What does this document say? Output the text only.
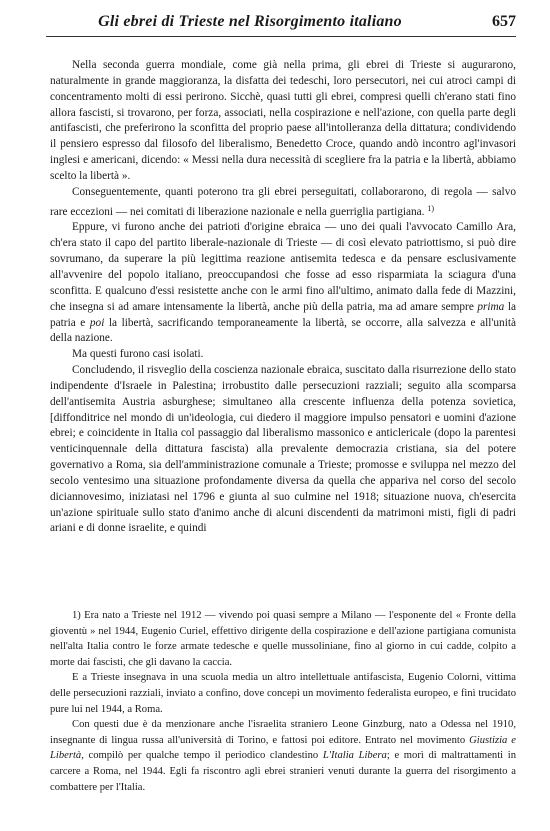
Gli ebrei di Trieste nel Risorgimento italiano	657

Nella seconda guerra mondiale, come già nella prima, gli ebrei di Trieste si augurarono, naturalmente in grande maggioranza, la disfatta dei tedeschi, loro persecutori, nei cui atroci campi di concentramento molti di essi perirono. Sicchè, quasi tutti gli ebrei, compresi quelli ch'erano stati fino allora fascisti, si trovarono, per forza, associati, nella cospirazione e nell'azione, con quella parte degli antifascisti, che preferirono la sconfitta del proprio paese all'intolleranza della dittatura; condividendo il pensiero espresso dal filosofo del liberalismo, Benedetto Croce, quando andò incontro agl'invasori inglesi e americani, dicendo: « Messi nella dura necessità di scegliere fra la patria e la libertà, abbiamo scelto la libertà ».

Conseguentemente, quanti poterono tra gli ebrei perseguitati, collaborarono, di regola — salvo rare eccezioni — nei comitati di liberazione nazionale e nella guerriglia partigiana. $^{1)}$

Eppure, vi furono anche dei patrioti d'origine ebraica — uno dei quali l'avvocato Camillo Ara, ch'era stato il capo del partito liberale-nazionale di Trieste — di così elevato patriottismo, si può dire sovrumano, da superare la più legittima reazione antisemita tedesca e da pensare esclusivamente all'avvenire del popolo italiano, preoccupandosi che fosse ad esso risparmiata la sciagura d'una sconfitta. E qualcuno d'essi resistette anche con le armi fino all'ultimo, animato dalla fede di Mazzini, che insegna si ad amare intensamente la libertà, anche più della patria, ma ad amare sempre prima la patria e poi la libertà, sacrificando temporaneamente la libertà, se occorre, alla salvezza e all'unità della nazione.

Ma questi furono casi isolati.

Concludendo, il risveglio della coscienza nazionale ebraica, suscitato dalla risurrezione dello stato indipendente d'Israele in Palestina; irrobustito dalle persecuzioni razziali; seguito alla scomparsa dell'antisemita Austria asburghese; simultaneo alla crescente influenza della potenza sovietica, [diffonditrice nel mondo di un'ideologia, cui diedero il maggiore impulso pensatori e uomini d'azione ebrei; e coincidente in Italia col passaggio dal liberalismo massonico e anticlericale (dopo la parentesi venticinquennale della dittatura fascista) alla prevalente democrazia cristiana, sia del potere governativo a Roma, sia dell'amministrazione comunale a Trieste; promosse e sviluppa nel mezzo del secolo ventesimo una situazione profondamente diversa da quella che appariva nel corso del secolo diciannovesimo, iniziatasi nel 1796 e giunta al suo culmine nel 1918; situazione nuova, ch'esercita un'azione spirituale sullo stato d'animo anche di alcuni discendenti da matrimoni misti, figli di padri ariani e di donne israelite, e quindi

1) Era nato a Trieste nel 1912 — vivendo poi quasi sempre a Milano — l'esponente del « Fronte della gioventù » nel 1944, Eugenio Curiel, effettivo dirigente della cospirazione e dell'azione partigiana comunista nell'alta Italia contro le forze armate tedesche e quelle mussoliniane, fino al giorno in cui cadde, colpito a morte dai fascisti, che gli davano la caccia.

E a Trieste insegnava in una scuola media un altro intellettuale antifascista, Eugenio Colorni, vittima delle persecuzioni razziali, inviato a confino, dove concepì un movimento federalista europeo, e finì trucidato pure lui nel 1944, a Roma.

Con questi due è da menzionare anche l'israelita straniero Leone Ginzburg, nato a Odessa nel 1910, insegnante di lingua russa all'università di Torino, e fattosi poi editore. Entrato nel movimento Giustizia e Libertà, compilò per qualche tempo il periodico clandestino L'Italia Libera; e morì di maltrattamenti in carcere a Roma, nel 1944. Egli fa riscontro agli ebrei stranieri venuti durante la guerra del risorgimento a combattere per l'Italia.
